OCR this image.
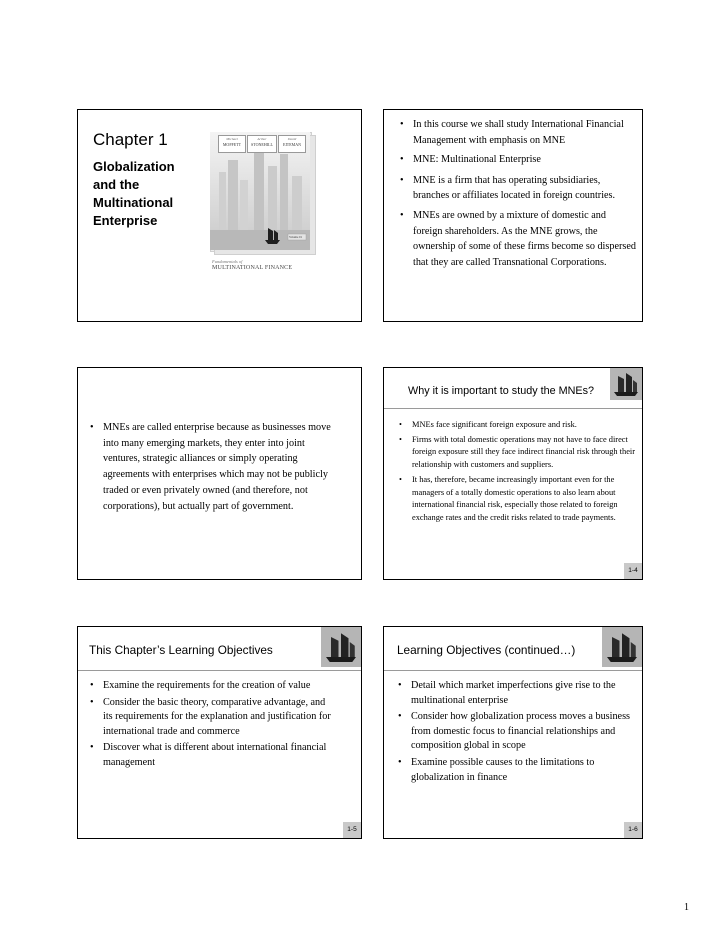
Chapter 1
Globalization
and the
Multinational
Enterprise
Michael
MOFFETT
Arthur
STONEHILL
David
EITEMAN
Volume 01
Fundamentals of
MULTINATIONAL FINANCE
• In this course we shall study International Financial Management with emphasis on MNE
• MNE: Multinational Enterprise
• MNE is a firm that has operating subsidiaries, branches or affiliates located in foreign countries.
• MNEs are owned by a mixture of domestic and foreign shareholders. As the MNE grows, the ownership of some of these firms become so dispersed that they are called Transnational Corporations.
• MNEs are called enterprise because as businesses move into many emerging markets, they enter into joint ventures, strategic alliances or simply operating agreements with enterprises which may not be publicly traded or even privately owned (and therefore, not corporations), but actually part of government.
Why it is important to study the MNEs?
• MNEs face significant foreign exposure and risk.
• Firms with total domestic operations may not have to face direct foreign exposure still they face indirect financial risk through their relationship with customers and suppliers.
• It has, therefore, became increasingly important even for the managers of a totally domestic operations to also learn about international financial risk, especially those related to foreign exchange rates and the credit risks related to trade payments.
1-4
This Chapter’s Learning Objectives
• Examine the requirements for the creation of value
• Consider the basic theory, comparative advantage, and its requirements for the explanation and justification for international trade and commerce
• Discover what is different about international financial management
1-5
Learning Objectives (continued…)
• Detail which market imperfections give rise to the multinational enterprise
• Consider how globalization process moves a business from domestic focus to financial relationships and composition global in scope
• Examine possible causes to the limitations to globalization in finance
1-6
1
